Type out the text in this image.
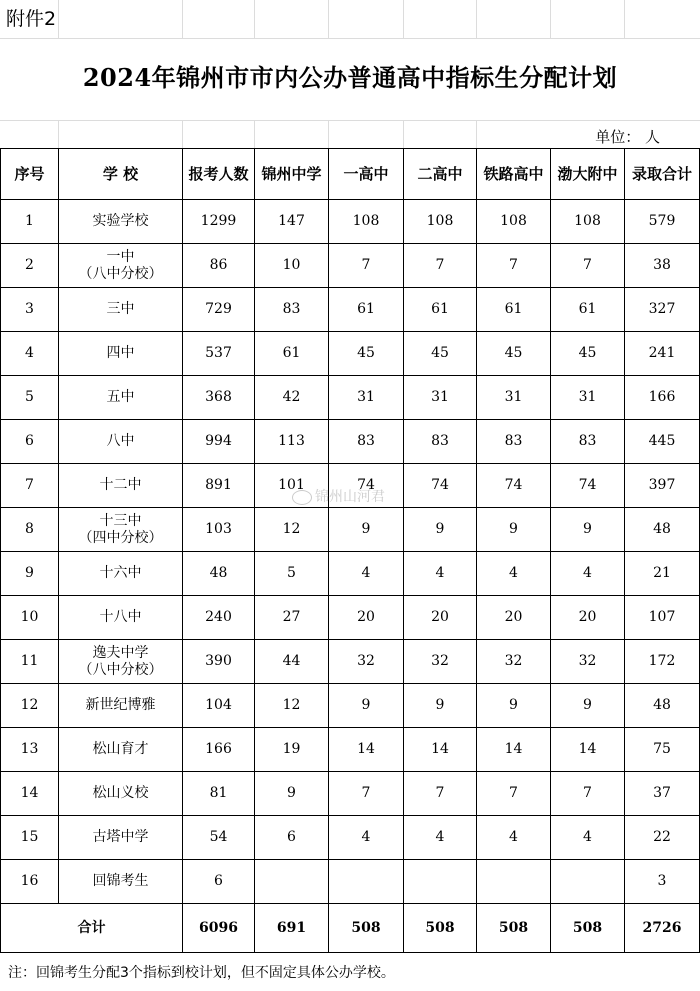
附件2
2024年锦州市市内公办普通高中指标生分配计划
单位： 人
序号	学 校	报考人数	锦州中学	一高中	二高中	铁路高中	渤大附中	录取合计
1	实验学校	1299	147	108	108	108	108	579
2	一中
（八中分校）	86	10	7	7	7	7	38
3	三中	729	83	61	61	61	61	327
4	四中	537	61	45	45	45	45	241
5	五中	368	42	31	31	31	31	166
6	八中	994	113	83	83	83	83	445
7	十二中	891	101	74	74	74	74	397
8	十三中
（四中分校）	103	12	9	9	9	9	48
9	十六中	48	5	4	4	4	4	21
10	十八中	240	27	20	20	20	20	107
11	逸夫中学
（八中分校）	390	44	32	32	32	32	172
12	新世纪博雅	104	12	9	9	9	9	48
13	松山育才	166	19	14	14	14	14	75
14	松山义校	81	9	7	7	7	7	37
15	古塔中学	54	6	4	4	4	4	22
16	回锦考生	6						3
合计		6096	691	508	508	508	508	2726
锦州山河君
注：回锦考生分配3个指标到校计划，但不固定具体公办学校。
